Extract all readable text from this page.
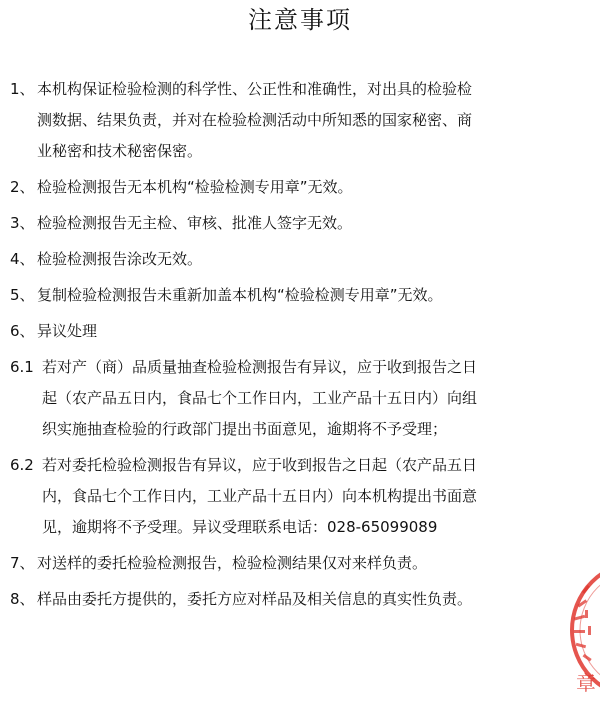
注意事项
1、 本机构保证检验检测的科学性、公正性和准确性，对出具的检验检
测数据、结果负责，并对在检验检测活动中所知悉的国家秘密、商
业秘密和技术秘密保密。
2、 检验检测报告无本机构“检验检测专用章”无效。
3、 检验检测报告无主检、审核、批准人签字无效。
4、 检验检测报告涂改无效。
5、 复制检验检测报告未重新加盖本机构“检验检测专用章”无效。
6、 异议处理
6.1 若对产（商）品质量抽查检验检测报告有异议，应于收到报告之日
起（农产品五日内，食品七个工作日内，工业产品十五日内）向组
织实施抽查检验的行政部门提出书面意见，逾期将不予受理；
6.2 若对委托检验检测报告有异议，应于收到报告之日起（农产品五日
内，食品七个工作日内，工业产品十五日内）向本机构提出书面意
见，逾期将不予受理。异议受理联系电话：028-65099089
7、 对送样的委托检验检测报告，检验检测结果仅对来样负责。
8、 样品由委托方提供的，委托方应对样品及相关信息的真实性负责。
章
